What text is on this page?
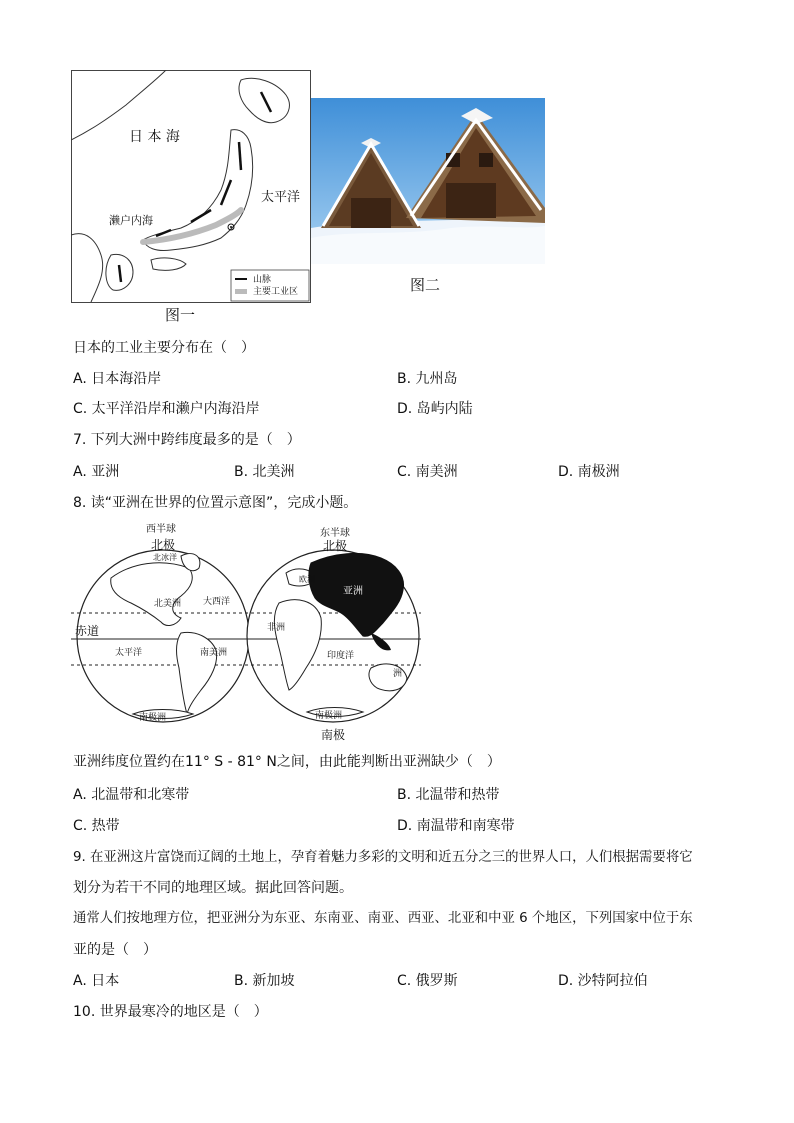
日 本 海
太平洋
濑户内海
山脉
主要工业区
图一
图二
日本的工业主要分布在（　）
A. 日本海沿岸	B. 九州岛
C. 太平洋沿岸和濑户内海沿岸	D. 岛屿内陆
7. 下列大洲中跨纬度最多的是（　）
A. 亚洲	B. 北美洲	C. 南美洲	D. 南极洲
8. 读“亚洲在世界的位置示意图”，完成小题。
西半球	东半球
北极	北极
北冰洋
北美洲 大西洋
赤道
太平洋	南美洲
南极洲
欧洲
亚洲
非洲
印度洋
洲
南极洲
南极
亚洲纬度位置约在11° S - 81° N之间，由此能判断出亚洲缺少（　）
A. 北温带和北寒带	B. 北温带和热带
C. 热带	D. 南温带和南寒带
9. 在亚洲这片富饶而辽阔的土地上，孕育着魅力多彩的文明和近五分之三的世界人口，人们根据需要将它
划分为若干不同的地理区域。据此回答问题。
通常人们按地理方位，把亚洲分为东亚、东南亚、南亚、西亚、北亚和中亚 6 个地区，下列国家中位于东
亚的是（　）
A. 日本	B. 新加坡	C. 俄罗斯	D. 沙特阿拉伯
10. 世界最寒冷的地区是（　）
